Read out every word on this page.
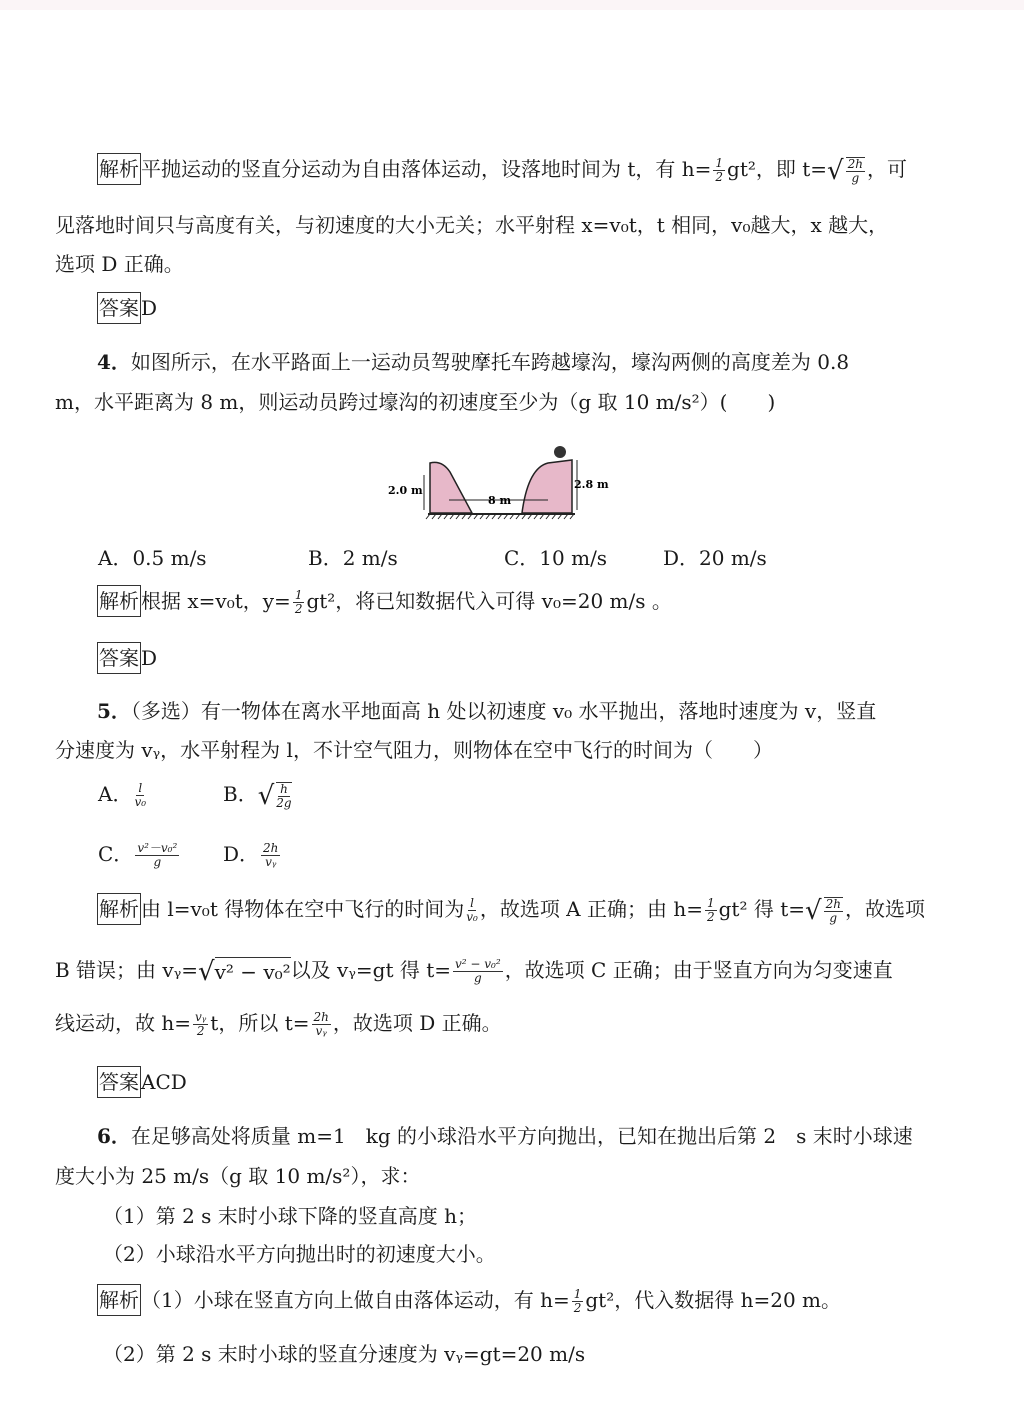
解析 平抛运动的竖直分运动为自由落体运动，设落地时间为 t，有 $h= \frac{1}{2} gt^2$，即 t= √ $\frac{2h}{g}$ ，可
见落地时间只与高度有关，与初速度的大小无关；水平射程 x=v₀t，t 相同，v₀越大，x 越大，
选项 D 正确。
答案 D
4．如图所示，在水平路面上一运动员驾驶摩托车跨越壕沟，壕沟两侧的高度差为 0.8
m，水平距离为 8 m，则运动员跨过壕沟的初速度至少为（g 取 10 m/s²）(　　)
2.0 m
8 m
2.8 m
A．0.5 m/s	B．2 m/s	C．10 m/s	D．20 m/s
解析 根据 x=v₀t，$y= \frac{1}{2} gt^2$，将已知数据代入可得 v₀=20 m/s 。
答案 D
5．（多选）有一物体在离水平地面高 h 处以初速度 v₀ 水平抛出，落地时速度为 v，竖直
分速度为 vᵧ，水平射程为 l，不计空气阻力，则物体在空中飞行的时间为（　　）
A． $\frac{l}{\text{v₀}}$	B． √ $\frac{h}{2g}$
C． $\frac{\text{v²－v₀²}}{g}$ D． $\frac{2h}{\text{vᵧ}}$
解析 由 l=v₀t 得物体在空中飞行的时间为 $\frac{l}{\text{v₀}}$ ，故选项 A 正确；由 $h= \frac{1}{2} gt^2$ 得 t= √ $\frac{2h}{g}$ ，故选项
B 错误；由 vᵧ= √ v² − v₀² 以及 vᵧ=gt 得 $t= \frac{\text{v² − v₀²}}{g}$ ，故选项 C 正确；由于竖直方向为匀变速直
线运动，故 $h= \frac{\text{vᵧ}}{2}$ t，所以 $t= \frac{2h}{\text{vᵧ}}$ ，故选项 D 正确。
答案 ACD
6．在足够高处将质量 m=1　kg 的小球沿水平方向抛出，已知在抛出后第 2　s 末时小球速
度大小为 25 m/s（g 取 10 m/s²），求：
（1）第 2 s 末时小球下降的竖直高度 h；
（2）小球沿水平方向抛出时的初速度大小。
解析 （1）小球在竖直方向上做自由落体运动，有 $h= \frac{1}{2} gt^2$，代入数据得 h=20 m。
（2）第 2 s 末时小球的竖直分速度为 vᵧ=gt=20 m/s
